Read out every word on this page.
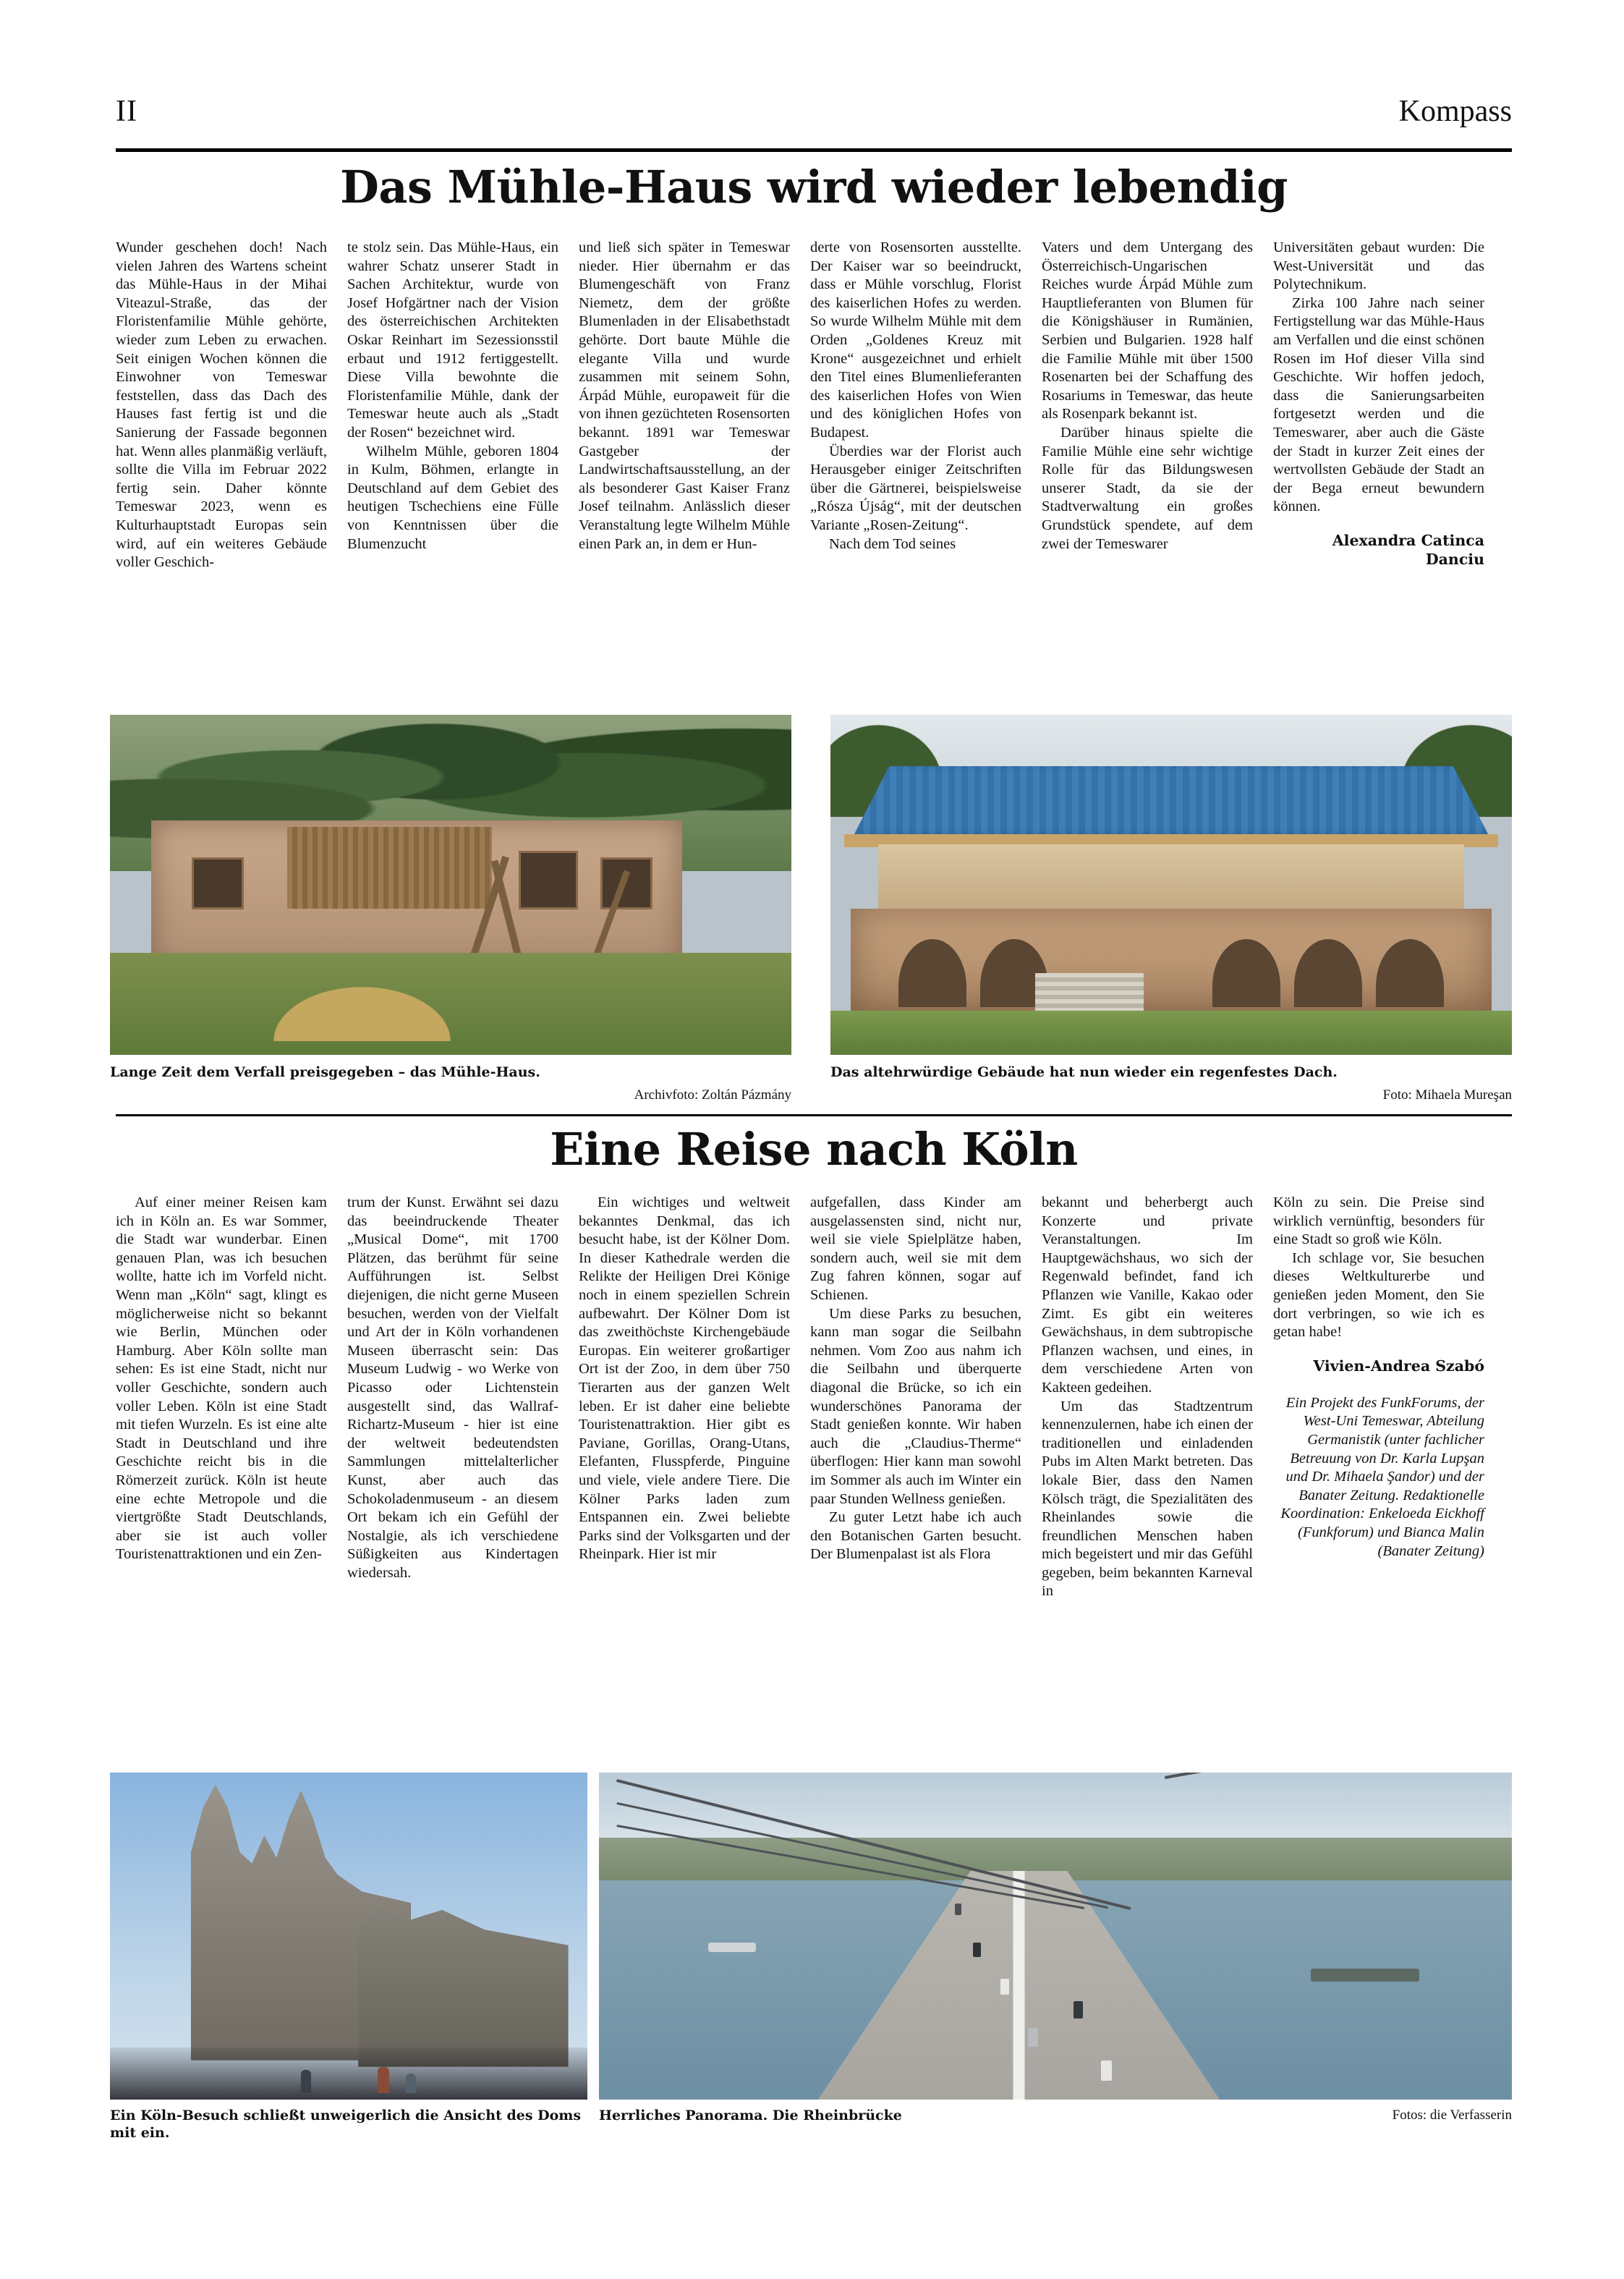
II	Kompass
Das Mühle-Haus wird wieder lebendig

Wunder geschehen doch! Nach vielen Jahren des Wartens scheint das Mühle-Haus in der Mihai Viteazul-Straße, das der Floristenfamilie Mühle gehörte, wieder zum Leben zu erwachen. Seit einigen Wochen können die Einwohner von Temeswar feststellen, dass das Dach des Hauses fast fertig ist und die Sanierung der Fassade begonnen hat. Wenn alles planmäßig verläuft, sollte die Villa im Februar 2022 fertig sein. Daher könnte Temeswar 2023, wenn es Kulturhauptstadt Europas sein wird, auf ein weiteres Gebäude voller Geschich-

te stolz sein. Das Mühle-Haus, ein wahrer Schatz unserer Stadt in Sachen Architektur, wurde von Josef Hofgärtner nach der Vision des österreichischen Architekten Oskar Reinhart im Sezessionsstil erbaut und 1912 fertiggestellt. Diese Villa bewohnte die Floristenfamilie Mühle, dank der Temeswar heute auch als „Stadt der Rosen“ bezeichnet wird.

Wilhelm Mühle, geboren 1804 in Kulm, Böhmen, erlangte in Deutschland auf dem Gebiet des heutigen Tschechiens eine Fülle von Kenntnissen über die Blumenzucht

und ließ sich später in Temeswar nieder. Hier übernahm er das Blumengeschäft von Franz Niemetz, dem der größte Blumenladen in der Elisabethstadt gehörte. Dort baute Mühle die elegante Villa und wurde zusammen mit seinem Sohn, Árpád Mühle, europaweit für die von ihnen gezüchteten Rosensorten bekannt. 1891 war Temeswar Gastgeber der Landwirtschaftsausstellung, an der als besonderer Gast Kaiser Franz Josef teilnahm. Anlässlich dieser Veranstaltung legte Wilhelm Mühle einen Park an, in dem er Hun-

derte von Rosensorten ausstellte. Der Kaiser war so beeindruckt, dass er Mühle vorschlug, Florist des kaiserlichen Hofes zu werden. So wurde Wilhelm Mühle mit dem Orden „Goldenes Kreuz mit Krone“ ausgezeichnet und erhielt den Titel eines Blumenlieferanten des kaiserlichen Hofes von Wien und des königlichen Hofes von Budapest.

Überdies war der Florist auch Herausgeber einiger Zeitschriften über die Gärtnerei, beispielsweise „Rósza Újság“, mit der deutschen Variante „Rosen-Zeitung“.

Nach dem Tod seines

Vaters und dem Untergang des Österreichisch-Ungarischen Reiches wurde Árpád Mühle zum Hauptlieferanten von Blumen für die Königshäuser in Rumänien, Serbien und Bulgarien. 1928 half die Familie Mühle mit über 1500 Rosenarten bei der Schaffung des Rosariums in Temeswar, das heute als Rosenpark bekannt ist.

Darüber hinaus spielte die Familie Mühle eine sehr wichtige Rolle für das Bildungswesen unserer Stadt, da sie der Stadtverwaltung ein großes Grundstück spendete, auf dem zwei der Temeswarer

Universitäten gebaut wurden: Die West-Universität und das Polytechnikum.

Zirka 100 Jahre nach seiner Fertigstellung war das Mühle-Haus am Verfallen und die einst schönen Rosen im Hof dieser Villa sind Geschichte. Wir hoffen jedoch, dass die Sanierungsarbeiten fortgesetzt werden und die Temeswarer, aber auch die Gäste der Stadt in kurzer Zeit eines der wertvollsten Gebäude der Stadt an der Bega erneut bewundern können.

Alexandra Catinca Danciu
Lange Zeit dem Verfall preisgegeben – das Mühle-Haus.
Archivfoto: Zoltán Pázmány
Das altehrwürdige Gebäude hat nun wieder ein regenfestes Dach.
Foto: Mihaela Mureşan
Eine Reise nach Köln

Auf einer meiner Reisen kam ich in Köln an. Es war Sommer, die Stadt war wunderbar. Einen genauen Plan, was ich besuchen wollte, hatte ich im Vorfeld nicht. Wenn man „Köln“ sagt, klingt es möglicherweise nicht so bekannt wie Berlin, München oder Hamburg. Aber Köln sollte man sehen: Es ist eine Stadt, nicht nur voller Geschichte, sondern auch voller Leben. Köln ist eine Stadt mit tiefen Wurzeln. Es ist eine alte Stadt in Deutschland und ihre Geschichte reicht bis in die Römerzeit zurück. Köln ist heute eine echte Metropole und die viertgrößte Stadt Deutschlands, aber sie ist auch voller Touristenattraktionen und ein Zen-

trum der Kunst. Erwähnt sei dazu das beeindruckende Theater „Musical Dome“, mit 1700 Plätzen, das berühmt für seine Aufführungen ist. Selbst diejenigen, die nicht gerne Museen besuchen, werden von der Vielfalt und Art der in Köln vorhandenen Museen überrascht sein: Das Museum Ludwig - wo Werke von Picasso oder Lichtenstein ausgestellt sind, das Wallraf-Richartz-Museum - hier ist eine der weltweit bedeutendsten Sammlungen mittelalterlicher Kunst, aber auch das Schokoladenmuseum - an diesem Ort bekam ich ein Gefühl der Nostalgie, als ich verschiedene Süßigkeiten aus Kindertagen wiedersah.

Ein wichtiges und weltweit bekanntes Denkmal, das ich besucht habe, ist der Kölner Dom. In dieser Kathedrale werden die Relikte der Heiligen Drei Könige noch in einem speziellen Schrein aufbewahrt. Der Kölner Dom ist das zweithöchste Kirchengebäude Europas. Ein weiterer großartiger Ort ist der Zoo, in dem über 750 Tierarten aus der ganzen Welt leben. Er ist daher eine beliebte Touristenattraktion. Hier gibt es Paviane, Gorillas, Orang-Utans, Elefanten, Flusspferde, Pinguine und viele, viele andere Tiere. Die Kölner Parks laden zum Entspannen ein. Zwei beliebte Parks sind der Volksgarten und der Rheinpark. Hier ist mir

aufgefallen, dass Kinder am ausgelassensten sind, nicht nur, weil sie viele Spielplätze haben, sondern auch, weil sie mit dem Zug fahren können, sogar auf Schienen.

Um diese Parks zu besuchen, kann man sogar die Seilbahn nehmen. Vom Zoo aus nahm ich die Seilbahn und überquerte diagonal die Brücke, so ich ein wunderschönes Panorama der Stadt genießen konnte. Wir haben auch die „Claudius-Therme“ überflogen: Hier kann man sowohl im Sommer als auch im Winter ein paar Stunden Wellness genießen.

Zu guter Letzt habe ich auch den Botanischen Garten besucht. Der Blumenpalast ist als Flora

bekannt und beherbergt auch Konzerte und private Veranstaltungen. Im Hauptgewächshaus, wo sich der Regenwald befindet, fand ich Pflanzen wie Vanille, Kakao oder Zimt. Es gibt ein weiteres Gewächshaus, in dem subtropische Pflanzen wachsen, und eines, in dem verschiedene Arten von Kakteen gedeihen.

Um das Stadtzentrum kennenzulernen, habe ich einen der traditionellen und einladenden Pubs im Alten Markt betreten. Das lokale Bier, dass den Namen Kölsch trägt, die Spezialitäten des Rheinlandes sowie die freundlichen Menschen haben mich begeistert und mir das Gefühl gegeben, beim bekannten Karneval in

Köln zu sein. Die Preise sind wirklich vernünftig, besonders für eine Stadt so groß wie Köln.

Ich schlage vor, Sie besuchen dieses Weltkulturerbe und genießen jeden Moment, den Sie dort verbringen, so wie ich es getan habe!

Vivien-Andrea Szabó
Ein Projekt des FunkForums, der West-Uni Temeswar, Abteilung Germanistik (unter fachlicher Betreuung von Dr. Karla Lupşan und Dr. Mihaela Şandor) und der Banater Zeitung. Redaktionelle Koordination: Enkeloeda Eickhoff (Funkforum) und Bianca Malin (Banater Zeitung)
Ein Köln-Besuch schließt unweigerlich die Ansicht des Doms mit ein.
Herrliches Panorama. Die Rheinbrücke	Fotos: die Verfasserin
